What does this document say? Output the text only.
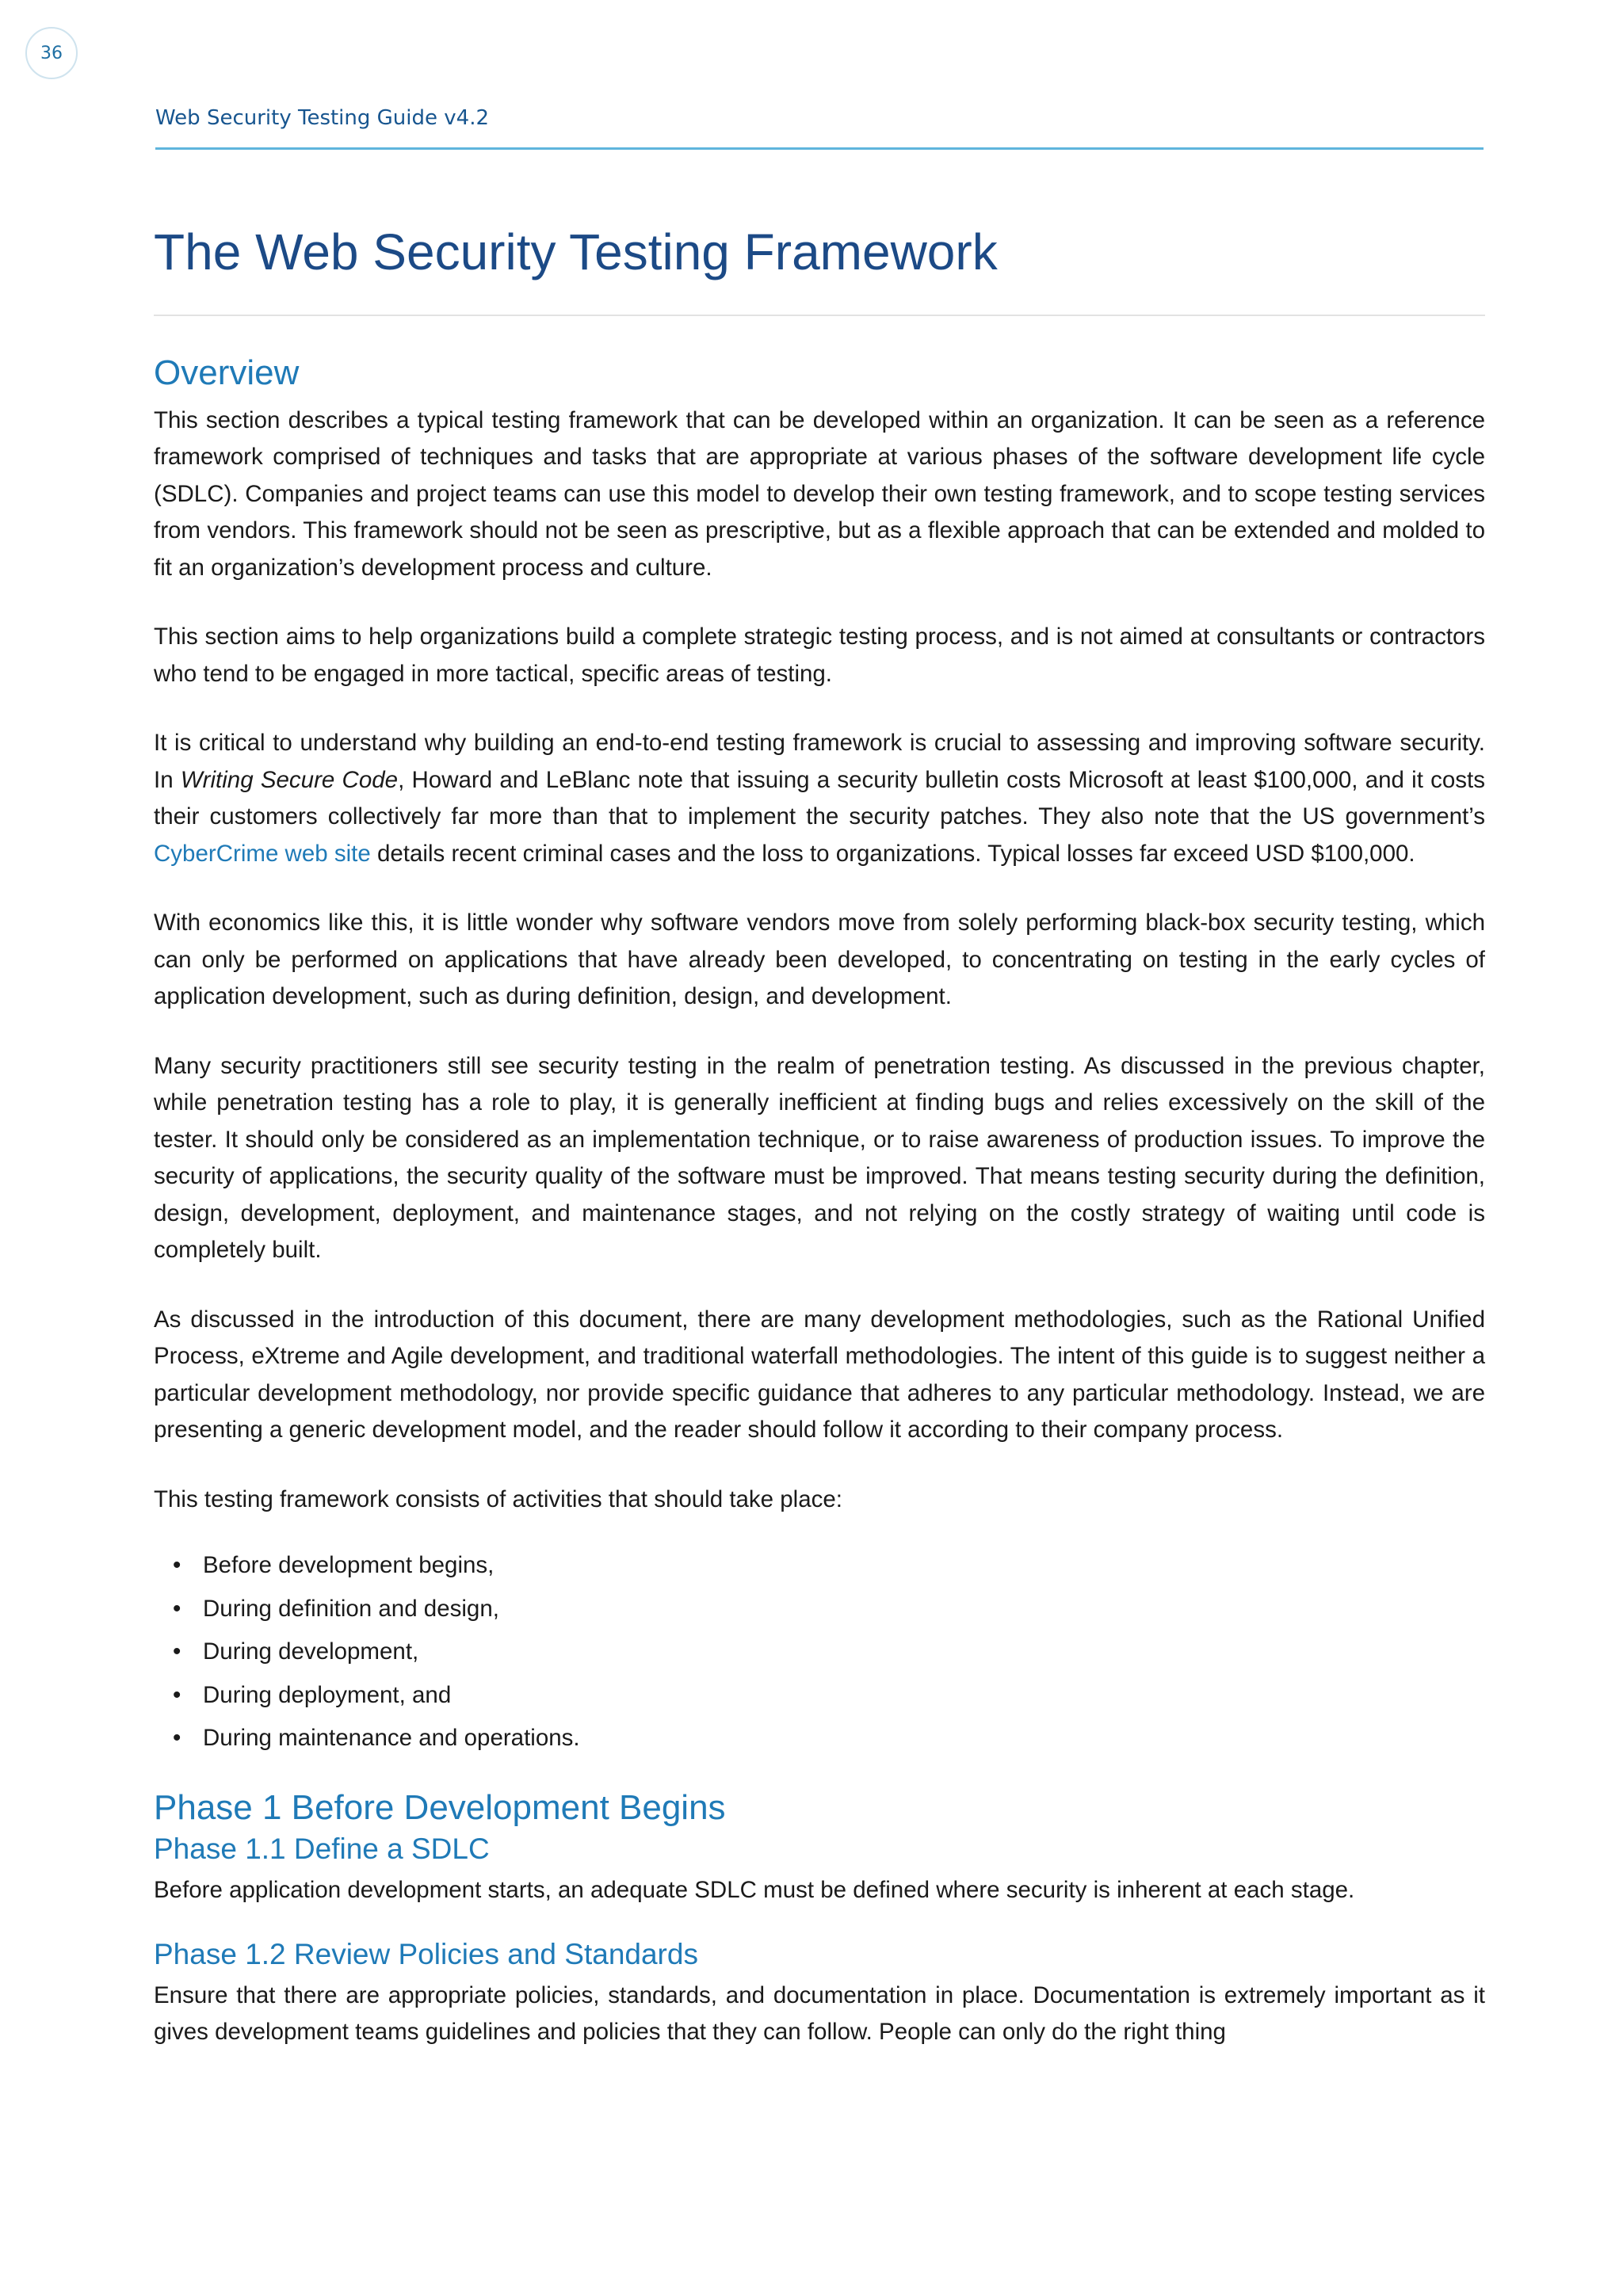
36
Web Security Testing Guide v4.2
The Web Security Testing Framework
Overview

This section describes a typical testing framework that can be developed within an organization. It can be seen as a reference framework comprised of techniques and tasks that are appropriate at various phases of the software development life cycle (SDLC). Companies and project teams can use this model to develop their own testing framework, and to scope testing services from vendors. This framework should not be seen as prescriptive, but as a flexible approach that can be extended and molded to fit an organization’s development process and culture.

This section aims to help organizations build a complete strategic testing process, and is not aimed at consultants or contractors who tend to be engaged in more tactical, specific areas of testing.

It is critical to understand why building an end-to-end testing framework is crucial to assessing and improving software security. In Writing Secure Code, Howard and LeBlanc note that issuing a security bulletin costs Microsoft at least $100,000, and it costs their customers collectively far more than that to implement the security patches. They also note that the US government’s CyberCrime web site details recent criminal cases and the loss to organizations. Typical losses far exceed USD $100,000.

With economics like this, it is little wonder why software vendors move from solely performing black-box security testing, which can only be performed on applications that have already been developed, to concentrating on testing in the early cycles of application development, such as during definition, design, and development.

Many security practitioners still see security testing in the realm of penetration testing. As discussed in the previous chapter, while penetration testing has a role to play, it is generally inefficient at finding bugs and relies excessively on the skill of the tester. It should only be considered as an implementation technique, or to raise awareness of production issues. To improve the security of applications, the security quality of the software must be improved. That means testing security during the definition, design, development, deployment, and maintenance stages, and not relying on the costly strategy of waiting until code is completely built.

As discussed in the introduction of this document, there are many development methodologies, such as the Rational Unified Process, eXtreme and Agile development, and traditional waterfall methodologies. The intent of this guide is to suggest neither a particular development methodology, nor provide specific guidance that adheres to any particular methodology. Instead, we are presenting a generic development model, and the reader should follow it according to their company process.

This testing framework consists of activities that should take place:

• Before development begins,
• During definition and design,
• During development,
• During deployment, and
• During maintenance and operations.
Phase 1 Before Development Begins
Phase 1.1 Define a SDLC

Before application development starts, an adequate SDLC must be defined where security is inherent at each stage.

Phase 1.2 Review Policies and Standards

Ensure that there are appropriate policies, standards, and documentation in place. Documentation is extremely important as it gives development teams guidelines and policies that they can follow. People can only do the right thing
